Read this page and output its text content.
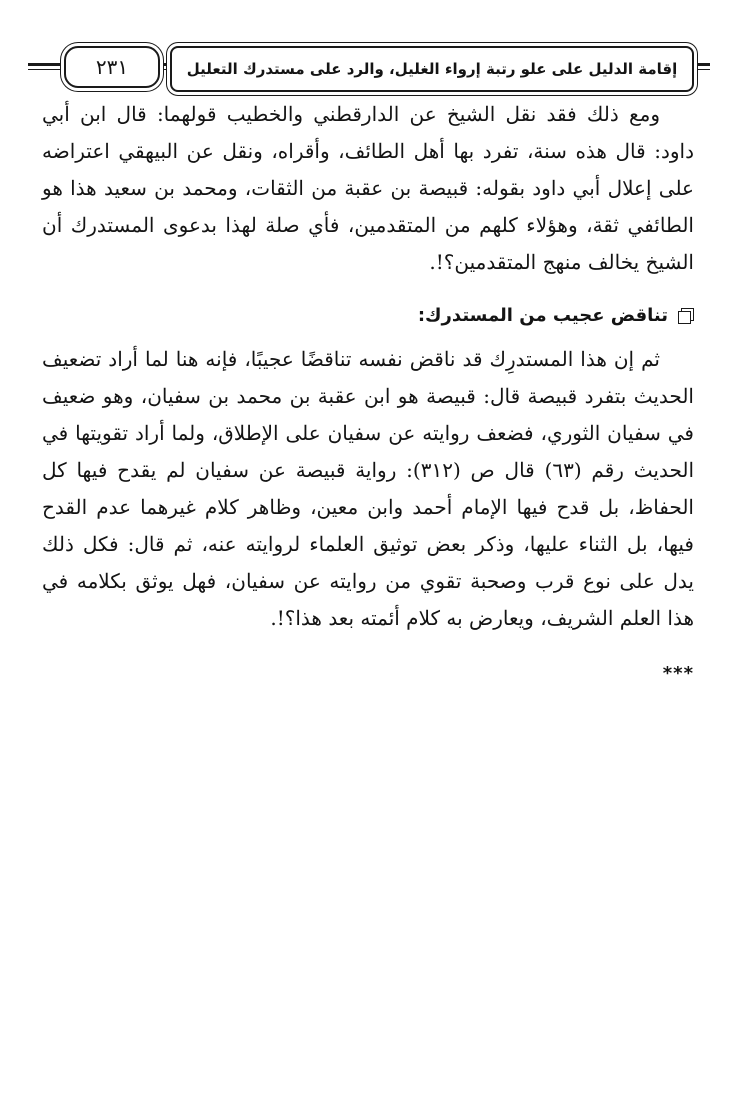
٢٣١	إقامة الدليل على علو رتبة إرواء الغليل، والرد على مستدرك التعليل

ومع ذلك فقد نقل الشيخ عن الدارقطني والخطيب قولهما: قال ابن أبي داود: قال هذه سنة، تفرد بها أهل الطائف، وأقراه، ونقل عن البيهقي اعتراضه على إعلال أبي داود بقوله: قبيصة بن عقبة من الثقات، ومحمد بن سعيد هذا هو الطائفي ثقة، وهؤلاء كلهم من المتقدمين، فأي صلة لهذا بدعوى المستدرك أن الشيخ يخالف منهج المتقدمين؟!.

تناقض عجيب من المستدرك:

ثم إن هذا المستدرِك قد ناقض نفسه تناقضًا عجيبًا، فإنه هنا لما أراد تضعيف الحديث بتفرد قبيصة قال: قبيصة هو ابن عقبة بن محمد بن سفيان، وهو ضعيف في سفيان الثوري، فضعف روايته عن سفيان على الإطلاق، ولما أراد تقويتها في الحديث رقم (٦٣) قال ص (٣١٢): رواية قبيصة عن سفيان لم يقدح فيها كل الحفاظ، بل قدح فيها الإمام أحمد وابن معين، وظاهر كلام غيرهما عدم القدح فيها، بل الثناء عليها، وذكر بعض توثيق العلماء لروايته عنه، ثم قال: فكل ذلك يدل على نوع قرب وصحبة تقوي من روايته عن سفيان، فهل يوثق بكلامه في هذا العلم الشريف، ويعارض به كلام أئمته بعد هذا؟!.

***
